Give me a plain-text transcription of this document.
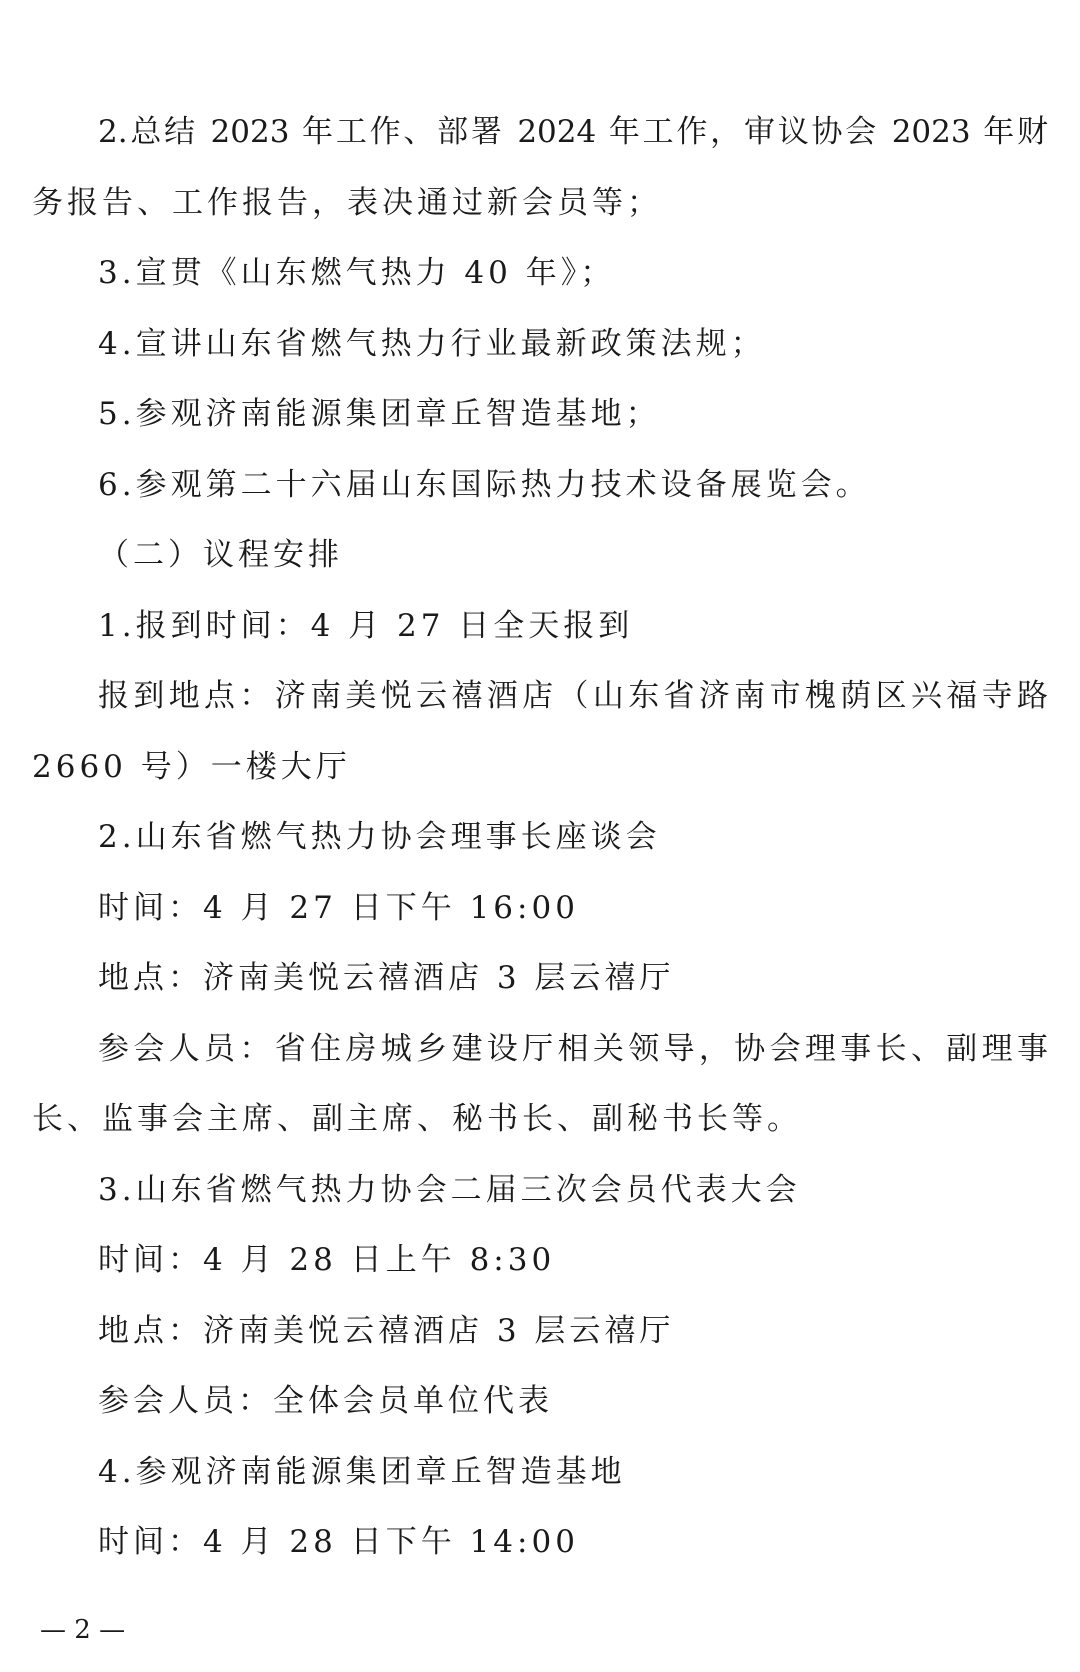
2.总结 2023 年工作、部署 2024 年工作，审议协会 2023 年财
务报告、工作报告，表决通过新会员等；
3.宣贯《山东燃气热力 40 年》；
4.宣讲山东省燃气热力行业最新政策法规；
5.参观济南能源集团章丘智造基地；
6.参观第二十六届山东国际热力技术设备展览会。
（二）议程安排
1.报到时间：4 月 27 日全天报到
报到地点：济南美悦云禧酒店（山东省济南市槐荫区兴福寺路
2660 号）一楼大厅
2.山东省燃气热力协会理事长座谈会
时间：4 月 27 日下午 16:00
地点：济南美悦云禧酒店 3 层云禧厅
参会人员：省住房城乡建设厅相关领导，协会理事长、副理事
长、监事会主席、副主席、秘书长、副秘书长等。
3.山东省燃气热力协会二届三次会员代表大会
时间：4 月 28 日上午 8:30
地点：济南美悦云禧酒店 3 层云禧厅
参会人员：全体会员单位代表
4.参观济南能源集团章丘智造基地
时间：4 月 28 日下午 14:00
— 2 —
